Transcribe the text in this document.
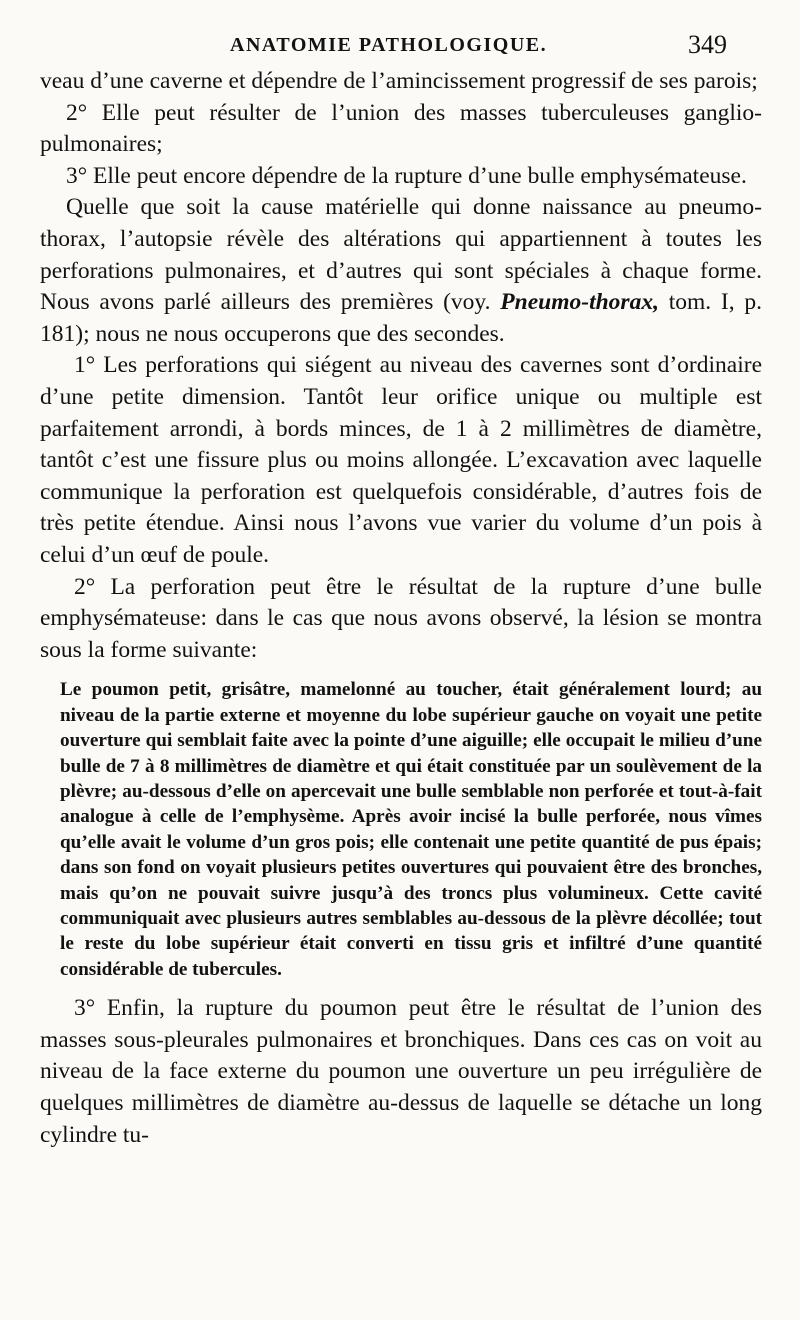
ANATOMIE PATHOLOGIQUE.	349

veau d’une caverne et dépendre de l’amincissement progressif de ses parois;

2° Elle peut résulter de l’union des masses tuberculeuses ganglio-pulmonaires;

3° Elle peut encore dépendre de la rupture d’une bulle emphysémateuse.

Quelle que soit la cause matérielle qui donne naissance au pneumo-thorax, l’autopsie révèle des altérations qui appartiennent à toutes les perforations pulmonaires, et d’autres qui sont spéciales à chaque forme. Nous avons parlé ailleurs des premières (voy. Pneumo-thorax, tom. I, p. 181); nous ne nous occuperons que des secondes.

1° Les perforations qui siégent au niveau des cavernes sont d’ordinaire d’une petite dimension. Tantôt leur orifice unique ou multiple est parfaitement arrondi, à bords minces, de 1 à 2 millimètres de diamètre, tantôt c’est une fissure plus ou moins allongée. L’excavation avec laquelle communique la perforation est quelquefois considérable, d’autres fois de très petite étendue. Ainsi nous l’avons vue varier du volume d’un pois à celui d’un œuf de poule.

2° La perforation peut être le résultat de la rupture d’une bulle emphysémateuse: dans le cas que nous avons observé, la lésion se montra sous la forme suivante:

Le poumon petit, grisâtre, mamelonné au toucher, était généralement lourd; au niveau de la partie externe et moyenne du lobe supérieur gauche on voyait une petite ouverture qui semblait faite avec la pointe d’une aiguille; elle occupait le milieu d’une bulle de 7 à 8 millimètres de diamètre et qui était constituée par un soulèvement de la plèvre; au-dessous d’elle on apercevait une bulle semblable non perforée et tout-à-fait analogue à celle de l’emphysème. Après avoir incisé la bulle perforée, nous vîmes qu’elle avait le volume d’un gros pois; elle contenait une petite quantité de pus épais; dans son fond on voyait plusieurs petites ouvertures qui pouvaient être des bronches, mais qu’on ne pouvait suivre jusqu’à des troncs plus volumineux. Cette cavité communiquait avec plusieurs autres semblables au-dessous de la plèvre décollée; tout le reste du lobe supérieur était converti en tissu gris et infiltré d’une quantité considérable de tubercules.

3° Enfin, la rupture du poumon peut être le résultat de l’union des masses sous-pleurales pulmonaires et bronchiques. Dans ces cas on voit au niveau de la face externe du poumon une ouverture un peu irrégulière de quelques millimètres de diamètre au-dessus de laquelle se détache un long cylindre tu-
